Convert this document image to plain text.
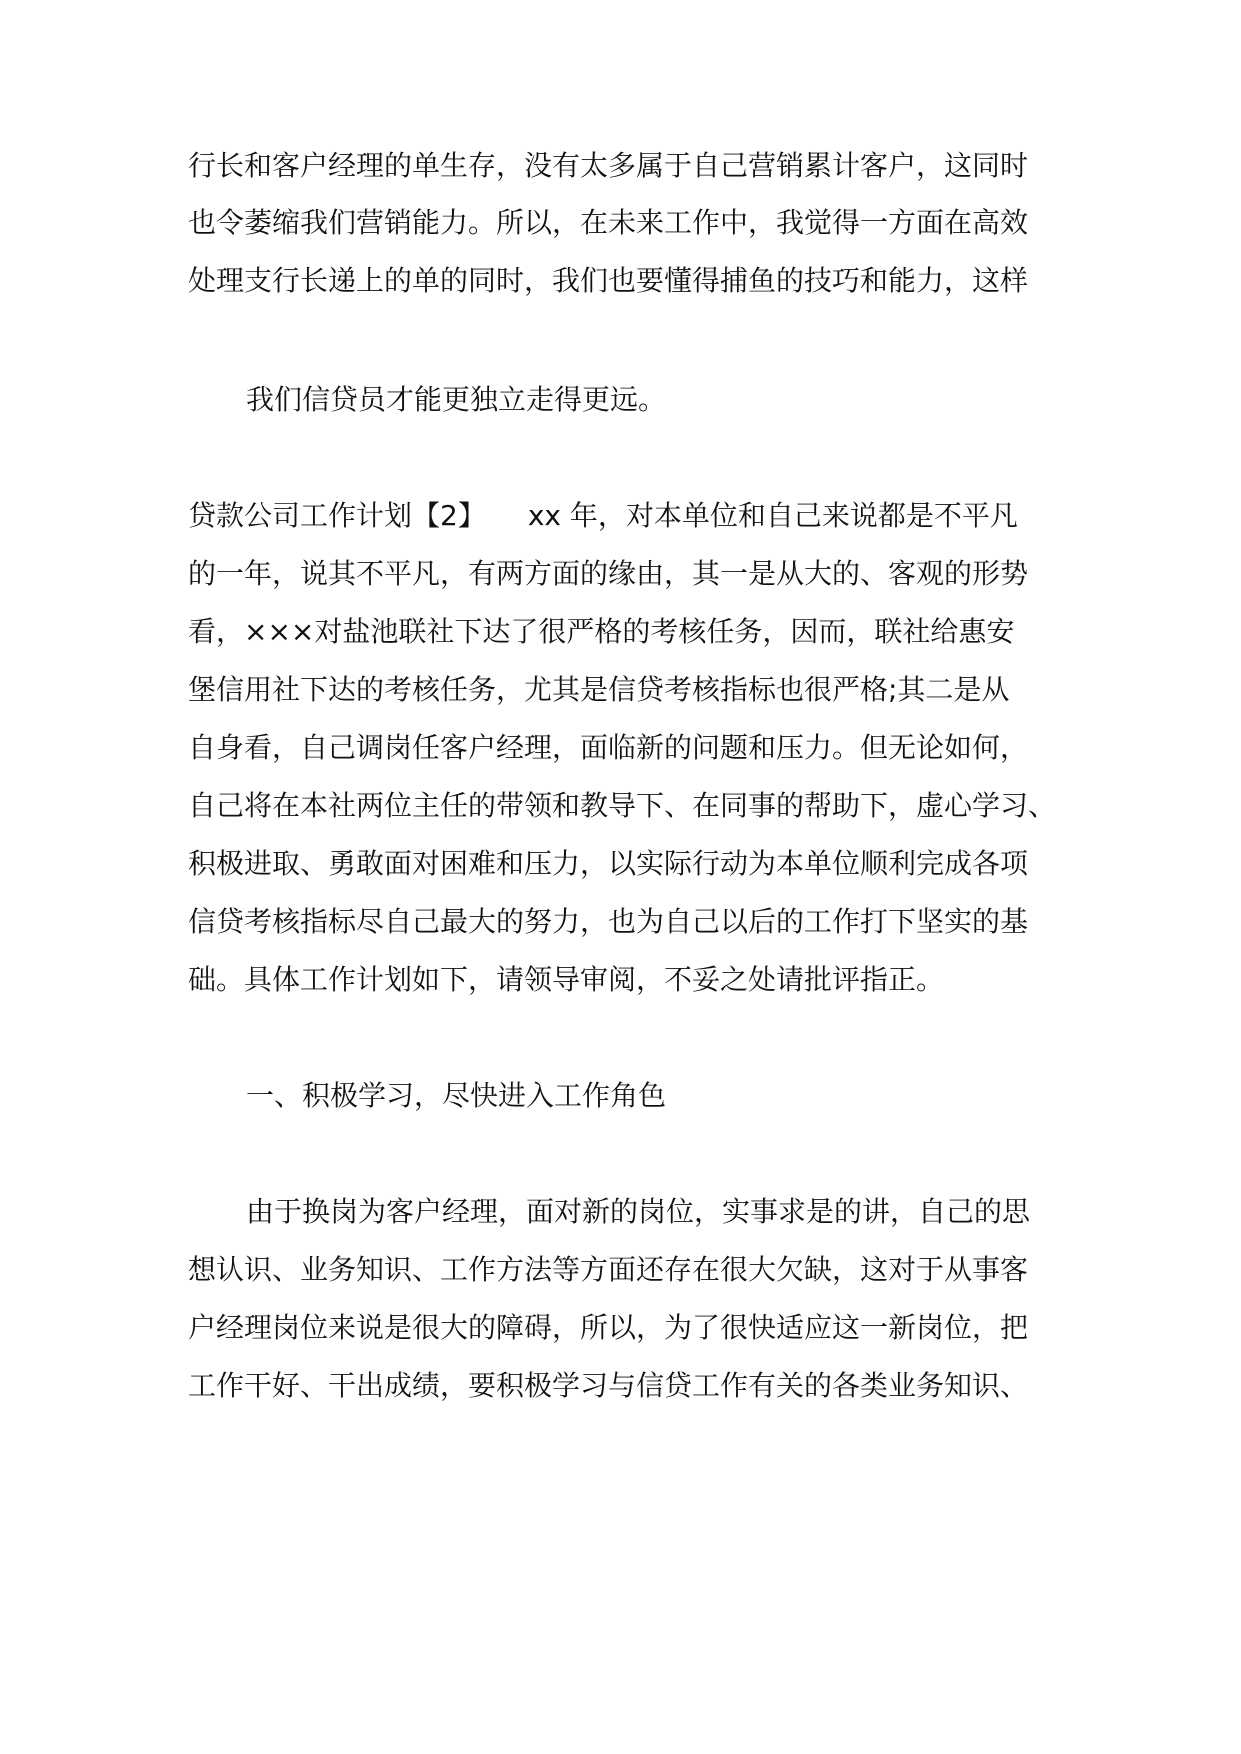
行长和客户经理的单生存，没有太多属于自己营销累计客户，这同时
也令萎缩我们营销能力。所以，在未来工作中，我觉得一方面在高效
处理支行长递上的单的同时，我们也要懂得捕鱼的技巧和能力，这样
我们信贷员才能更独立走得更远。
贷款公司工作计划【2】　　xx 年，对本单位和自己来说都是不平凡
的一年，说其不平凡，有两方面的缘由，其一是从大的、客观的形势
看，×××对盐池联社下达了很严格的考核任务，因而，联社给惠安
堡信用社下达的考核任务，尤其是信贷考核指标也很严格;其二是从
自身看，自己调岗任客户经理，面临新的问题和压力。但无论如何，
自己将在本社两位主任的带领和教导下、在同事的帮助下，虚心学习、
积极进取、勇敢面对困难和压力，以实际行动为本单位顺利完成各项
信贷考核指标尽自己最大的努力，也为自己以后的工作打下坚实的基
础。具体工作计划如下，请领导审阅，不妥之处请批评指正。
一、积极学习，尽快进入工作角色
由于换岗为客户经理，面对新的岗位，实事求是的讲，自己的思
想认识、业务知识、工作方法等方面还存在很大欠缺，这对于从事客
户经理岗位来说是很大的障碍，所以，为了很快适应这一新岗位，把
工作干好、干出成绩，要积极学习与信贷工作有关的各类业务知识、
